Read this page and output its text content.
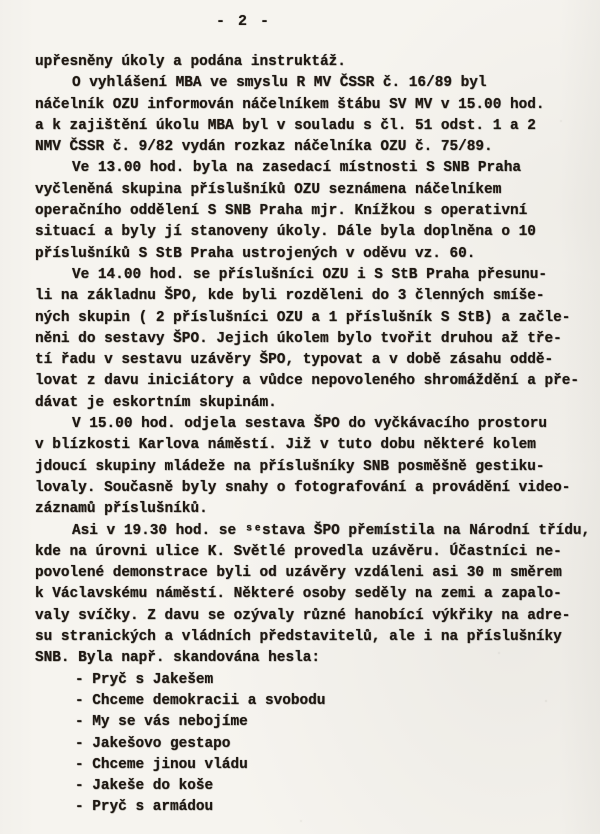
- 2 -
upřesněny úkoly a podána instruktáž.
O vyhlášení MBA ve smyslu R MV ČSSR č. 16/89 byl
náčelník OZU informován náčelníkem štábu SV MV v 15.00 hod.
a k zajištění úkolu MBA byl v souladu s čl. 51 odst. 1 a 2
NMV ČSSR č. 9/82 vydán rozkaz náčelníka OZU č. 75/89.
Ve 13.00 hod. byla na zasedací místnosti S SNB Praha
vyčleněná skupina příslušníků OZU seznámena náčelníkem
operačního oddělení S SNB Praha mjr. Knížkou s operativní
situací a byly jí stanoveny úkoly. Dále byla doplněna o 10
příslušníků S StB Praha ustrojených v oděvu vz. 60.
Ve 14.00 hod. se příslušníci OZU i S StB Praha přesunu-
li na základnu ŠPO, kde byli rozděleni do 3 členných smíše-
ných skupin ( 2 příslušníci OZU a 1 příslušník S StB) a začle-
něni do sestavy ŠPO. Jejich úkolem bylo tvořit druhou až tře-
tí řadu v sestavu uzávěry ŠPO, typovat a v době zásahu oddě-
lovat z davu iniciátory a vůdce nepovoleného shromáždění a pře-
dávat je eskortním skupinám.
V 15.00 hod. odjela sestava ŠPO do vyčkávacího prostoru
v blízkosti Karlova náměstí. Již v tuto dobu některé kolem
jdoucí skupiny mládeže na příslušníky SNB posměšně gestiku-
lovaly. Současně byly snahy o fotografování a provádění video-
záznamů příslušníků.
Asi v 19.30 hod. se ˢᵉstava ŠPO přemístila na Národní třídu,
kde na úrovni ulice K. Světlé provedla uzávěru. Účastníci ne-
povolené demonstrace byli od uzávěry vzdáleni asi 30 m směrem
k Václavskému náměstí. Některé osoby seděly na zemi a zapalo-
valy svíčky. Z davu se ozývaly různé hanobící výkřiky na adre-
su stranických a vládních představitelů, ale i na příslušníky
SNB. Byla např. skandována hesla:
- Pryč s Jakešem
- Chceme demokracii a svobodu
- My se vás nebojíme
- Jakešovo gestapo
- Chceme jinou vládu
- Jakeše do koše
- Pryč s armádou
